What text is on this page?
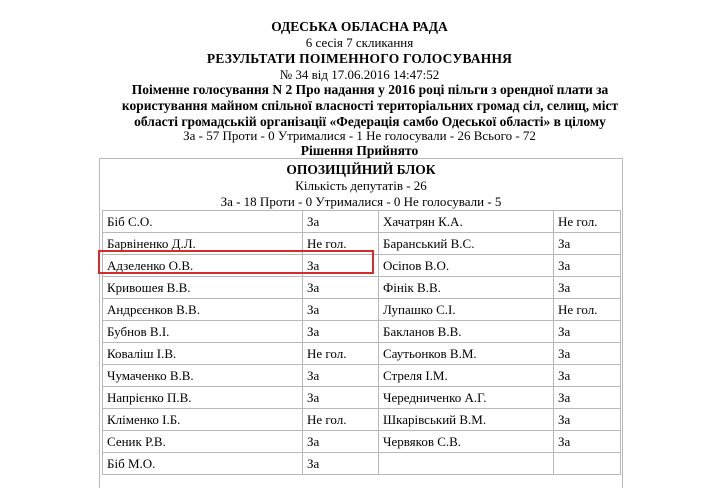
ОДЕСЬКА ОБЛАСНА РАДА
6 сесія 7 скликання
РЕЗУЛЬТАТИ ПОІМЕННОГО ГОЛОСУВАННЯ
№ 34 від 17.06.2016 14:47:52
Поіменне голосування N 2 Про надання у 2016 році пільги з орендної плати за користування майном спільної власності територіальних громад сіл, селищ, міст області громадській організації «Федерація самбо Одеської області» в цілому
За - 57 Проти - 0 Утрималися - 1 Не голосували - 26 Всього - 72
Рішення Прийнято
ОПОЗИЦІЙНИЙ БЛОК
Кількість депутатів - 26
За - 18 Проти - 0 Утрималися - 0 Не голосували - 5
Біб С.О.	За	Хачатрян К.А.	Не гол.
Барвіненко Д.Л.	Не гол.	Баранський В.С.	За
Адзеленко О.В.	За	Осіпов В.О.	За
Кривошея В.В.	За	Фінік В.В.	За
Андрєєнков В.В.	За	Лупашко С.І.	Не гол.
Бубнов В.І.	За	Бакланов В.В.	За
Коваліш І.В.	Не гол.	Саутьонков В.М.	За
Чумаченко В.В.	За	Стреля І.М.	За
Напрієнко П.В.	За	Чередниченко А.Г.	За
Кліменко І.Б.	Не гол.	Шкарівський В.М.	За
Сеник Р.В.	За	Червяков С.В.	За
Біб М.О.	За		
